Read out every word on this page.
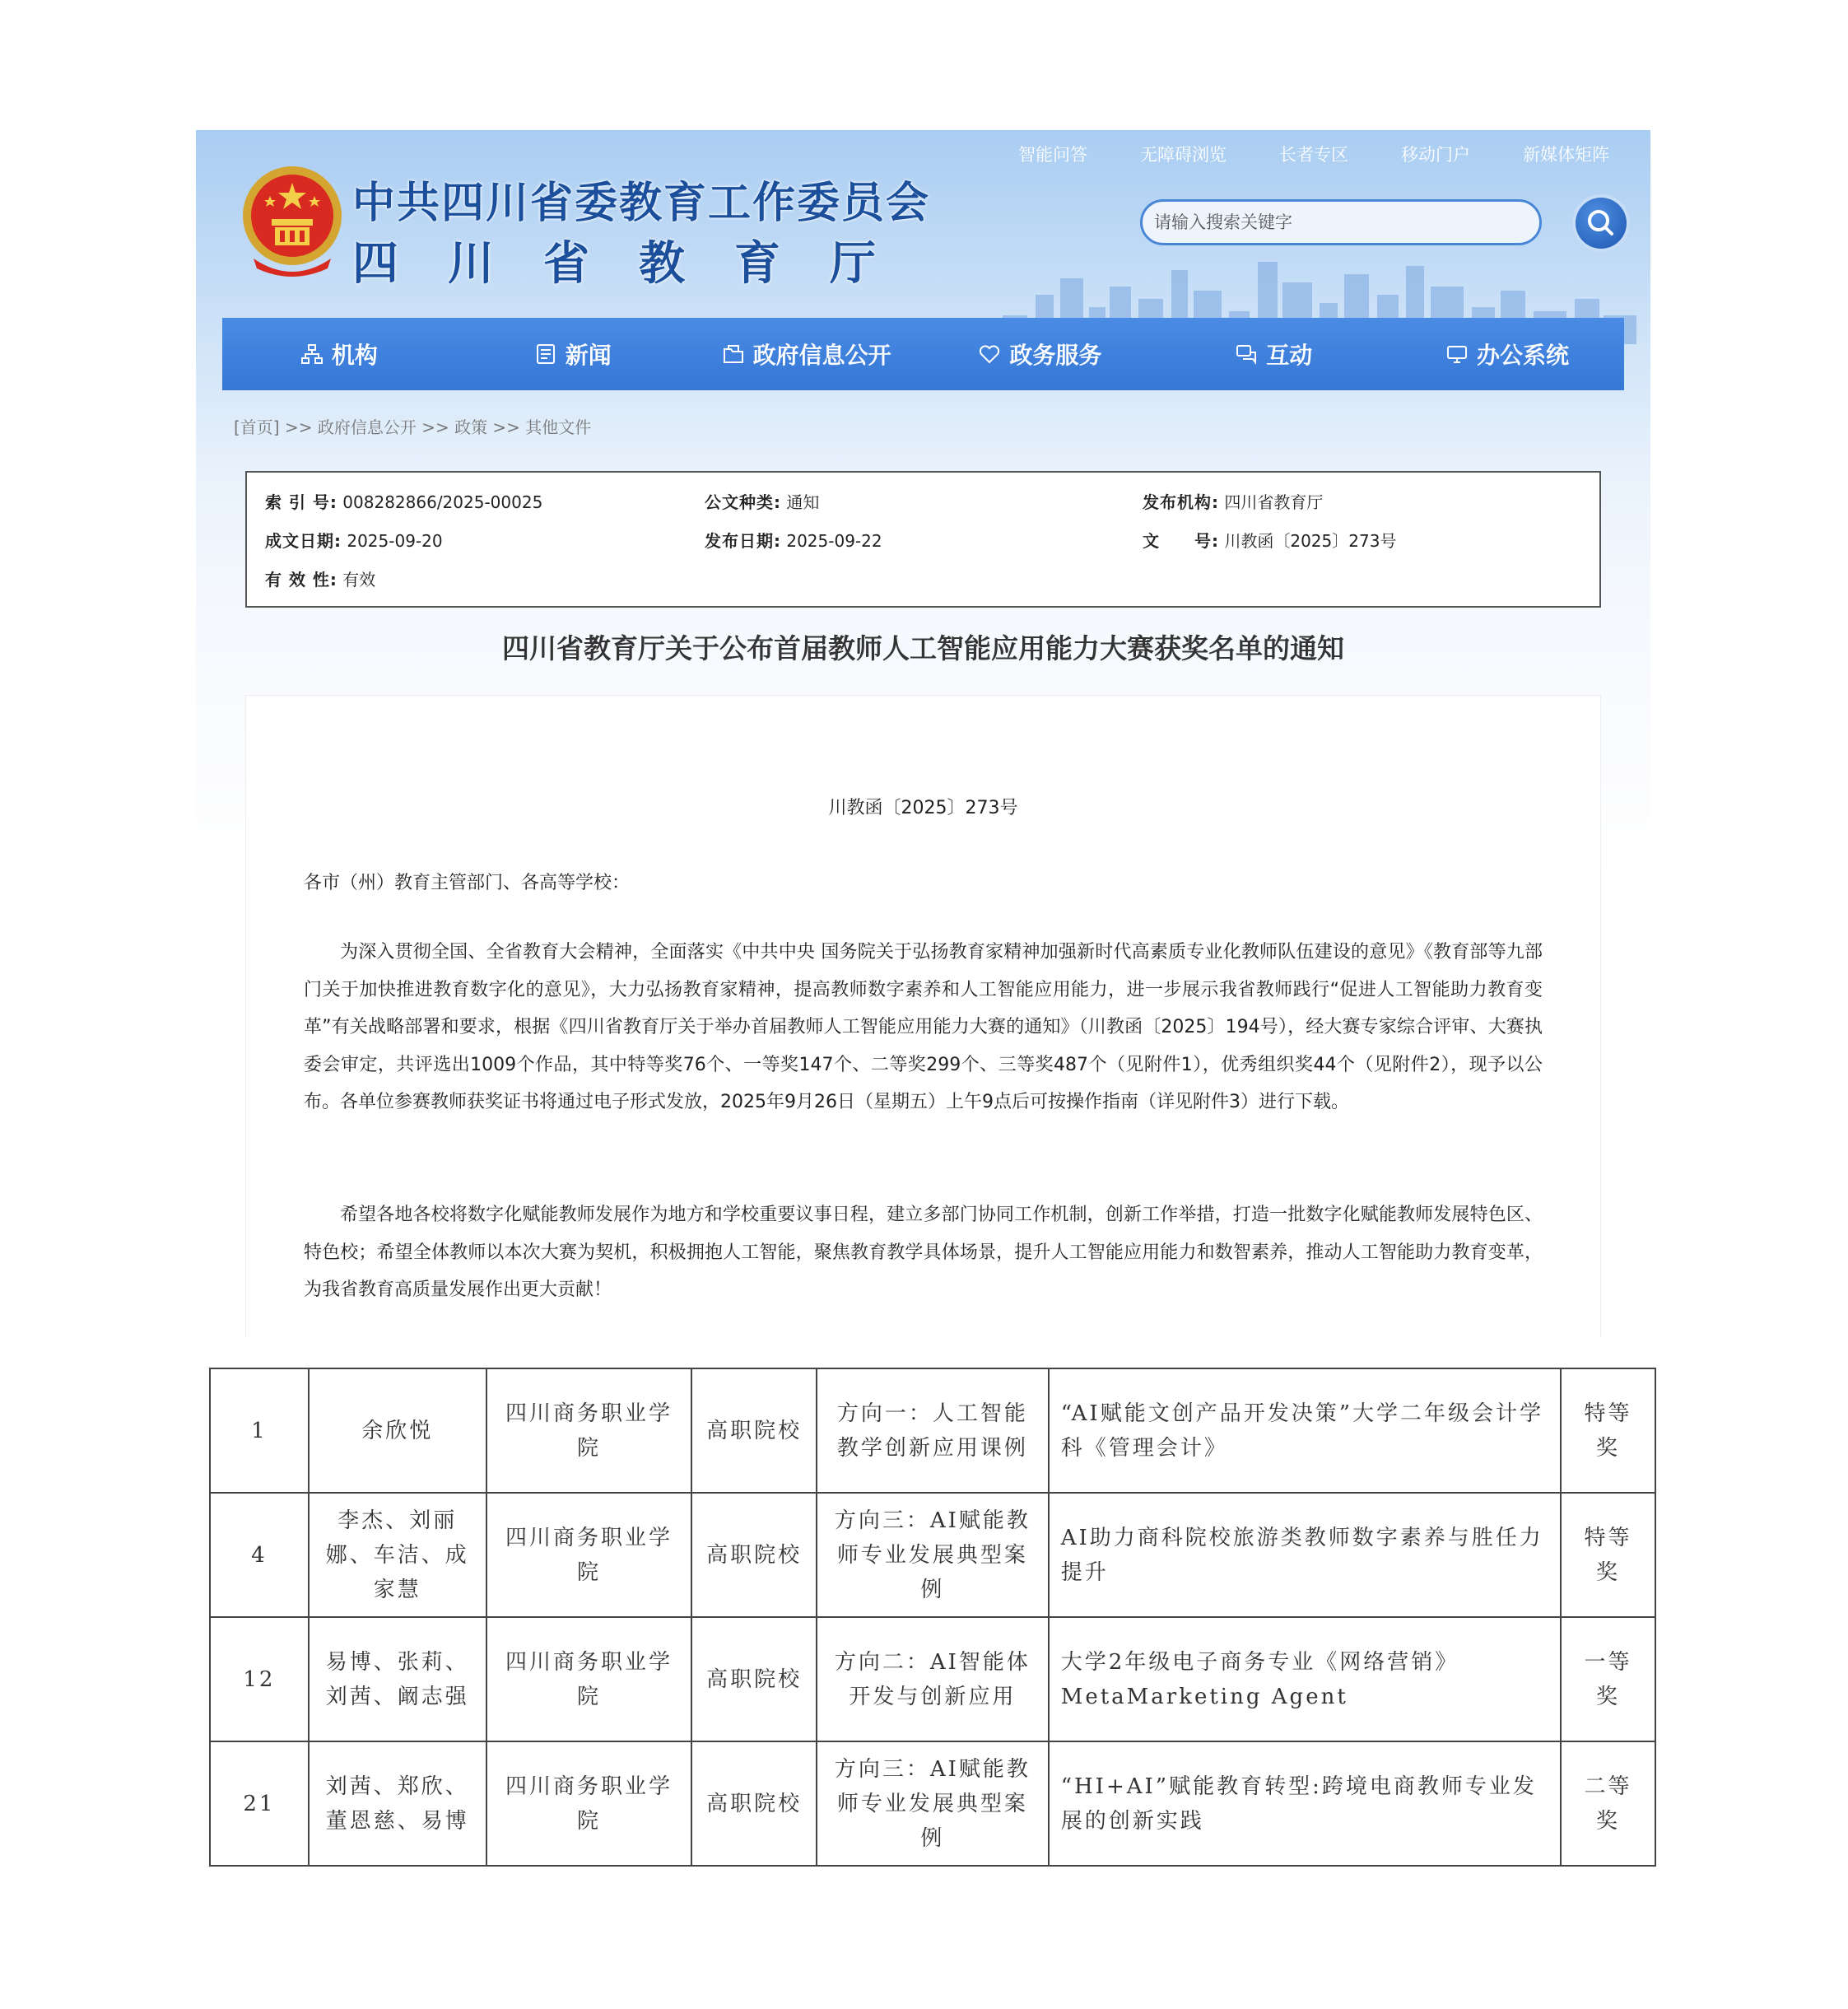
中共四川省委教育工作委员会
四 川 省 教 育 厅
智能问答	无障碍浏览	长者专区	移动门户	新媒体矩阵
请输入搜索关键字
机构	新闻	政府信息公开	政务服务	互动	办公系统
[首页] >> 政府信息公开 >> 政策 >> 其他文件
索 引 号: 008282866/2025-00025	公文种类: 通知	发布机构: 四川省教育厅
成文日期: 2025-09-20	发布日期: 2025-09-22	文　　号: 川教函〔2025〕273号
有 效 性: 有效
四川省教育厅关于公布首届教师人工智能应用能力大赛获奖名单的通知
川教函〔2025〕273号
各市（州）教育主管部门、各高等学校：
为深入贯彻全国、全省教育大会精神，全面落实《中共中央 国务院关于弘扬教育家精神加强新时代高素质专业化教师队伍建设的意见》《教育部等九部门关于加快推进教育数字化的意见》，大力弘扬教育家精神，提高教师数字素养和人工智能应用能力，进一步展示我省教师践行“促进人工智能助力教育变革”有关战略部署和要求，根据《四川省教育厅关于举办首届教师人工智能应用能力大赛的通知》（川教函〔2025〕194号），经大赛专家综合评审、大赛执委会审定，共评选出1009个作品，其中特等奖76个、一等奖147个、二等奖299个、三等奖487个（见附件1），优秀组织奖44个（见附件2），现予以公布。各单位参赛教师获奖证书将通过电子形式发放，2025年9月26日（星期五）上午9点后可按操作指南（详见附件3）进行下载。
希望各地各校将数字化赋能教师发展作为地方和学校重要议事日程，建立多部门协同工作机制，创新工作举措，打造一批数字化赋能教师发展特色区、特色校；希望全体教师以本次大赛为契机，积极拥抱人工智能，聚焦教育教学具体场景，提升人工智能应用能力和数智素养，推动人工智能助力教育变革，为我省教育高质量发展作出更大贡献！
1	余欣悦	四川商务职业学院	高职院校	方向一：人工智能教学创新应用课例	“AI赋能文创产品开发决策”大学二年级会计学科《管理会计》	特等奖
4	李杰、刘丽娜、车洁、成家慧	四川商务职业学院	高职院校	方向三：AI赋能教师专业发展典型案例	AI助力商科院校旅游类教师数字素养与胜任力提升	特等奖
12	易博、张莉、刘茜、阚志强	四川商务职业学院	高职院校	方向二：AI智能体开发与创新应用	大学2年级电子商务专业《网络营销》MetaMarketing Agent	一等奖
21	刘茜、郑欣、董恩慈、易博	四川商务职业学院	高职院校	方向三：AI赋能教师专业发展典型案例	“HI+AI”赋能教育转型:跨境电商教师专业发展的创新实践	二等奖
